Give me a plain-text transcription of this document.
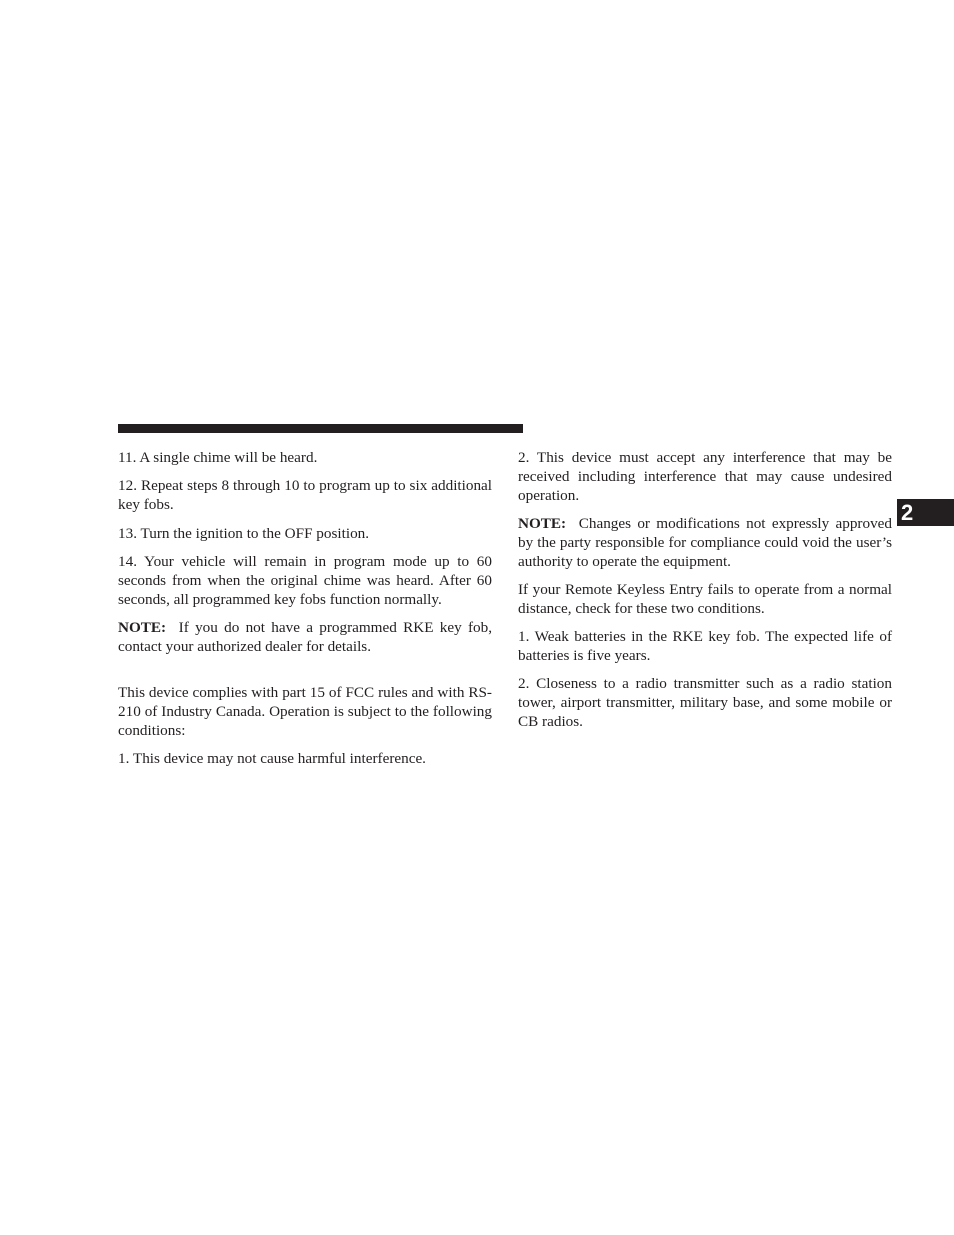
11. A single chime will be heard.

12. Repeat steps 8 through 10 to program up to six additional key fobs.

13. Turn the ignition to the OFF position.

14. Your vehicle will remain in program mode up to 60 seconds from when the original chime was heard. After 60 seconds, all programmed key fobs function normally.

NOTE: If you do not have a programmed RKE key fob, contact your authorized dealer for details.

This device complies with part 15 of FCC rules and with RS-210 of Industry Canada. Operation is subject to the following conditions:

1. This device may not cause harmful interference.

2. This device must accept any interference that may be received including interference that may cause undesired operation.

NOTE: Changes or modifications not expressly approved by the party responsible for compliance could void the user’s authority to operate the equipment.

If your Remote Keyless Entry fails to operate from a normal distance, check for these two conditions.

1. Weak batteries in the RKE key fob. The expected life of batteries is five years.

2. Closeness to a radio transmitter such as a radio station tower, airport transmitter, military base, and some mobile or CB radios.

2
